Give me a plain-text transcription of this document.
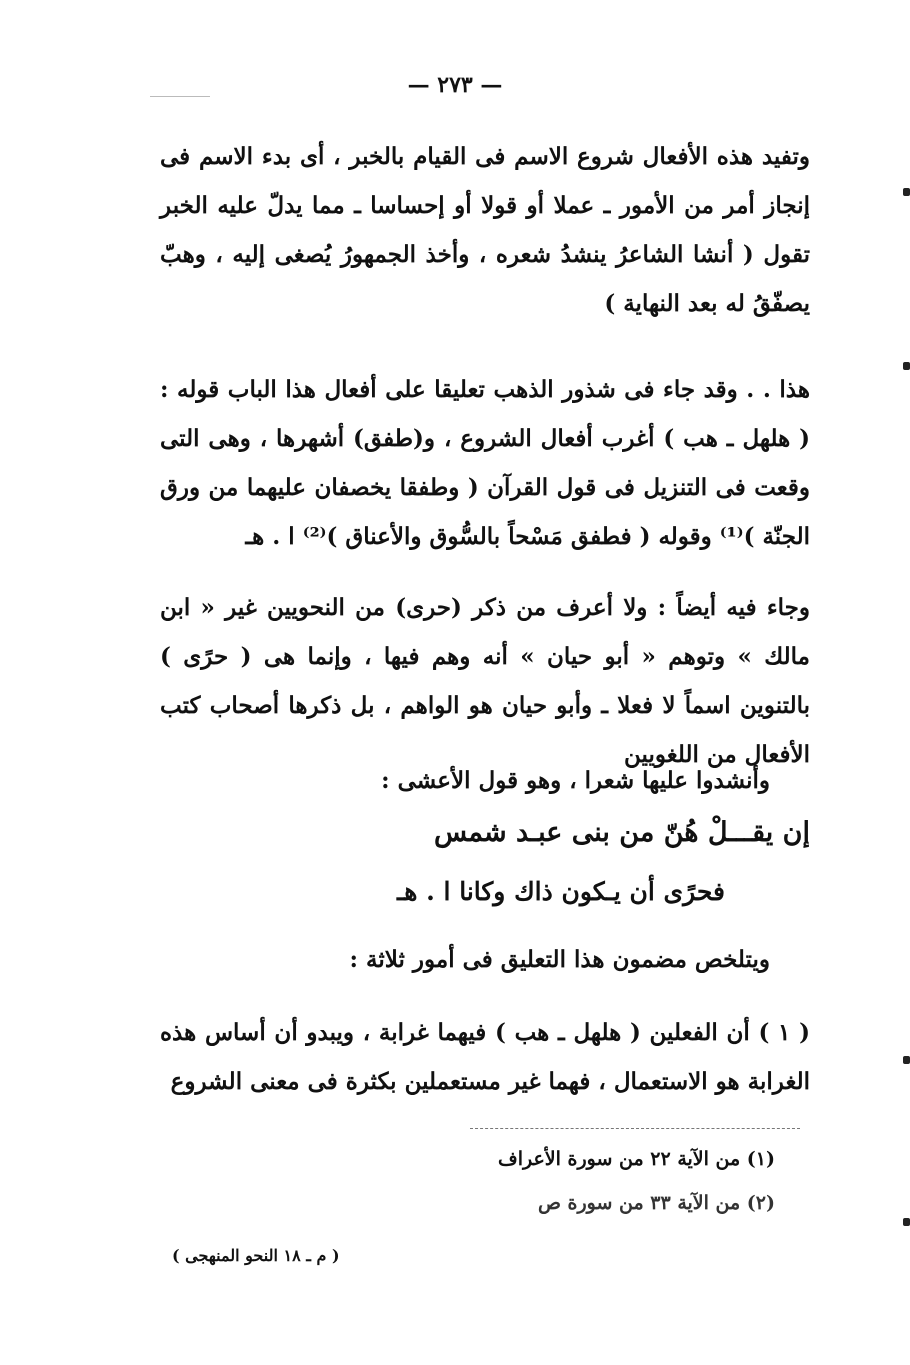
— ٢٧٣ —
وتفيد هذه الأفعال شروع الاسم فى القيام بالخبر ، أى بدء الاسم فى إنجاز أمر من الأمور ـ عملا أو قولا أو إحساسا ـ مما يدلّ عليه الخبر تقول ( أنشا الشاعرُ ينشدُ شعره ، وأخذ الجمهورُ يُصغى إليه ، وهبّ يصفّقُ له بعد النهاية )
هذا . . وقد جاء فى شذور الذهب تعليقا على أفعال هذا الباب قوله : ( هلهل ـ هب ) أغرب أفعال الشروع ، و(طفق) أشهرها ، وهى التى وقعت فى التنزيل فى قول القرآن ( وطفقا يخصفان عليهما من ورق الجنّة )⁽¹⁾ وقوله ( فطفق مَسْحاً بالسُّوق والأعناق )⁽²⁾ ا . هـ
وجاء فيه أيضاً : ولا أعرف من ذكر (حرى) من النحويين غير « ابن مالك » وتوهم « أبو حيان » أنه وهم فيها ، وإنما هى ( حرًى ) بالتنوين اسماً لا فعلا ـ وأبو حيان هو الواهم ، بل ذكرها أصحاب كتب الأفعال من اللغويين
وأنشدوا عليها شعرا ، وهو قول الأعشى :
إن يقـــلْ هُنّ من بنى عبـد شمس
فحرًى أن يـكون ذاك وكانا ا . هـ
ويتلخص مضمون هذا التعليق فى أمور ثلاثة :
( ١ ) أن الفعلين ( هلهل ـ هب ) فيهما غرابة ، ويبدو أن أساس هذه الغرابة هو الاستعمال ، فهما غير مستعملين بكثرة فى معنى الشروع
(١) من الآية ٢٢ من سورة الأعراف
(٢) من الآية ٣٣ من سورة ص
( م ـ ١٨ النحو المنهجى )
